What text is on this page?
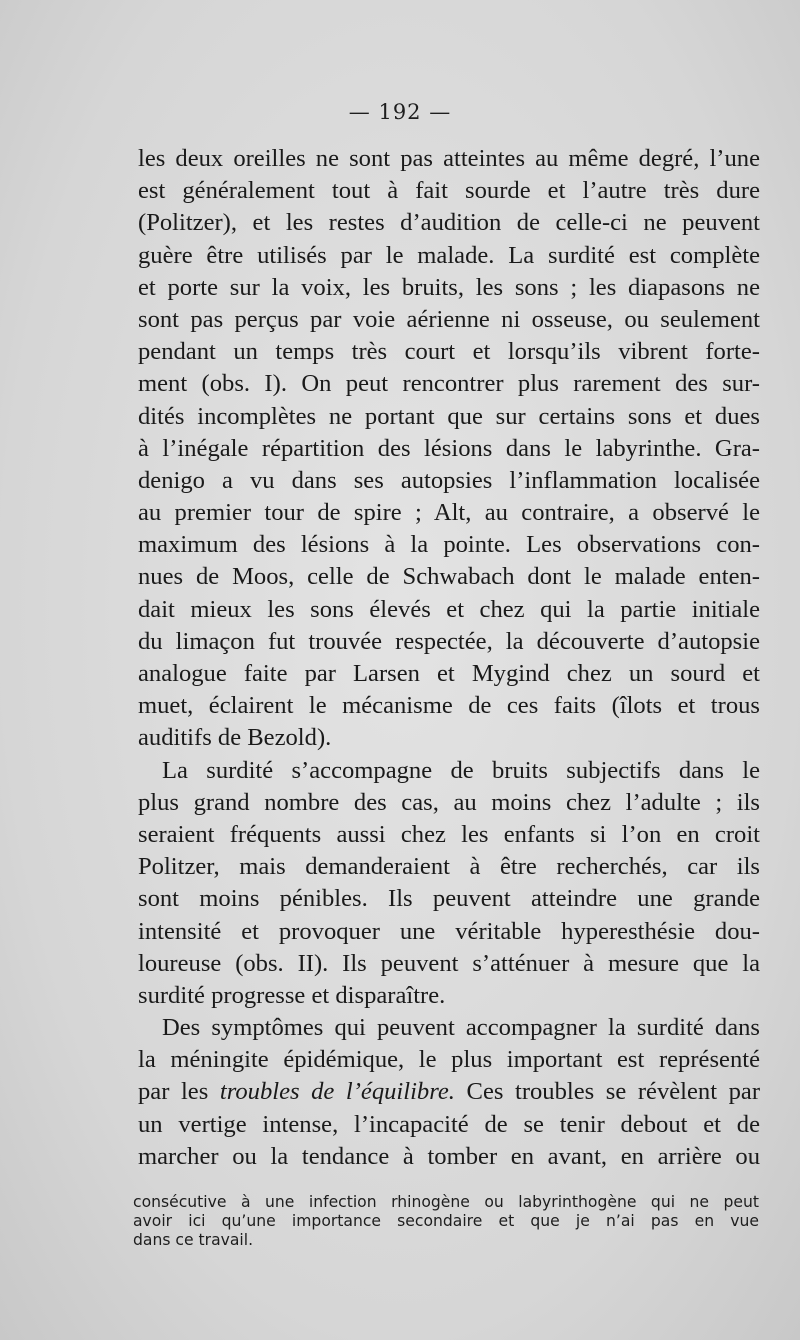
— 192 —
les deux oreilles ne sont pas atteintes au même degré, l’une
est généralement tout à fait sourde et l’autre très dure
(Politzer), et les restes d’audition de celle-ci ne peuvent
guère être utilisés par le malade. La surdité est complète
et porte sur la voix, les bruits, les sons ; les diapasons ne
sont pas perçus par voie aérienne ni osseuse, ou seulement
pendant un temps très court et lorsqu’ils vibrent forte-
ment (obs. I). On peut rencontrer plus rarement des sur-
dités incomplètes ne portant que sur certains sons et dues
à l’inégale répartition des lésions dans le labyrinthe. Gra-
denigo a vu dans ses autopsies l’inflammation localisée
au premier tour de spire ; Alt, au contraire, a observé le
maximum des lésions à la pointe. Les observations con-
nues de Moos, celle de Schwabach dont le malade enten-
dait mieux les sons élevés et chez qui la partie initiale
du limaçon fut trouvée respectée, la découverte d’autopsie
analogue faite par Larsen et Mygind chez un sourd et
muet, éclairent le mécanisme de ces faits (îlots et trous
auditifs de Bezold).
La surdité s’accompagne de bruits subjectifs dans le
plus grand nombre des cas, au moins chez l’adulte ; ils
seraient fréquents aussi chez les enfants si l’on en croit
Politzer, mais demanderaient à être recherchés, car ils
sont moins pénibles. Ils peuvent atteindre une grande
intensité et provoquer une véritable hyperesthésie dou-
loureuse (obs. II). Ils peuvent s’atténuer à mesure que la
surdité progresse et disparaître.
Des symptômes qui peuvent accompagner la surdité dans
la méningite épidémique, le plus important est représenté
par les troubles de l’équilibre. Ces troubles se révèlent par
un vertige intense, l’incapacité de se tenir debout et de
marcher ou la tendance à tomber en avant, en arrière ou
consécutive à une infection rhinogène ou labyrinthogène qui ne peut
avoir ici qu’une importance secondaire et que je n’ai pas en vue
dans ce travail.
